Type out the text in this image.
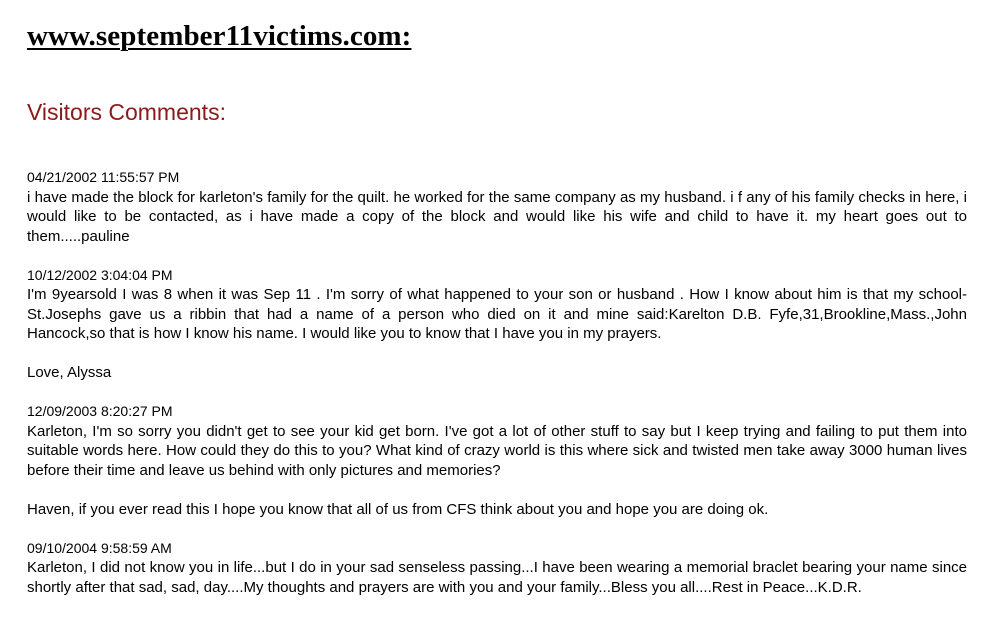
www.september11victims.com:
Visitors Comments:
04/21/2002 11:55:57 PM

i have made the block for karleton's family for the quilt. he worked for the same company as my husband. i f any of his family checks in here, i would like to be contacted, as i have made a copy of the block and would like his wife and child to have it. my heart goes out to them.....pauline

10/12/2002 3:04:04 PM

I'm 9yearsold I was 8 when it was Sep 11 . I'm sorry of what happened to your son or husband . How I know about him is that my school-St.Josephs gave us a ribbin that had a name of a person who died on it and mine said:Karelton D.B. Fyfe,31,Brookline,Mass.,John Hancock,so that is how I know his name. I would like you to know that I have you in my prayers.

Love, Alyssa

12/09/2003 8:20:27 PM

Karleton, I'm so sorry you didn't get to see your kid get born. I've got a lot of other stuff to say but I keep trying and failing to put them into suitable words here. How could they do this to you? What kind of crazy world is this where sick and twisted men take away 3000 human lives before their time and leave us behind with only pictures and memories?

Haven, if you ever read this I hope you know that all of us from CFS think about you and hope you are doing ok.

09/10/2004 9:58:59 AM

Karleton, I did not know you in life...but I do in your sad senseless passing...I have been wearing a memorial braclet bearing your name since shortly after that sad, sad, day....My thoughts and prayers are with you and your family...Bless you all....Rest in Peace...K.D.R.
